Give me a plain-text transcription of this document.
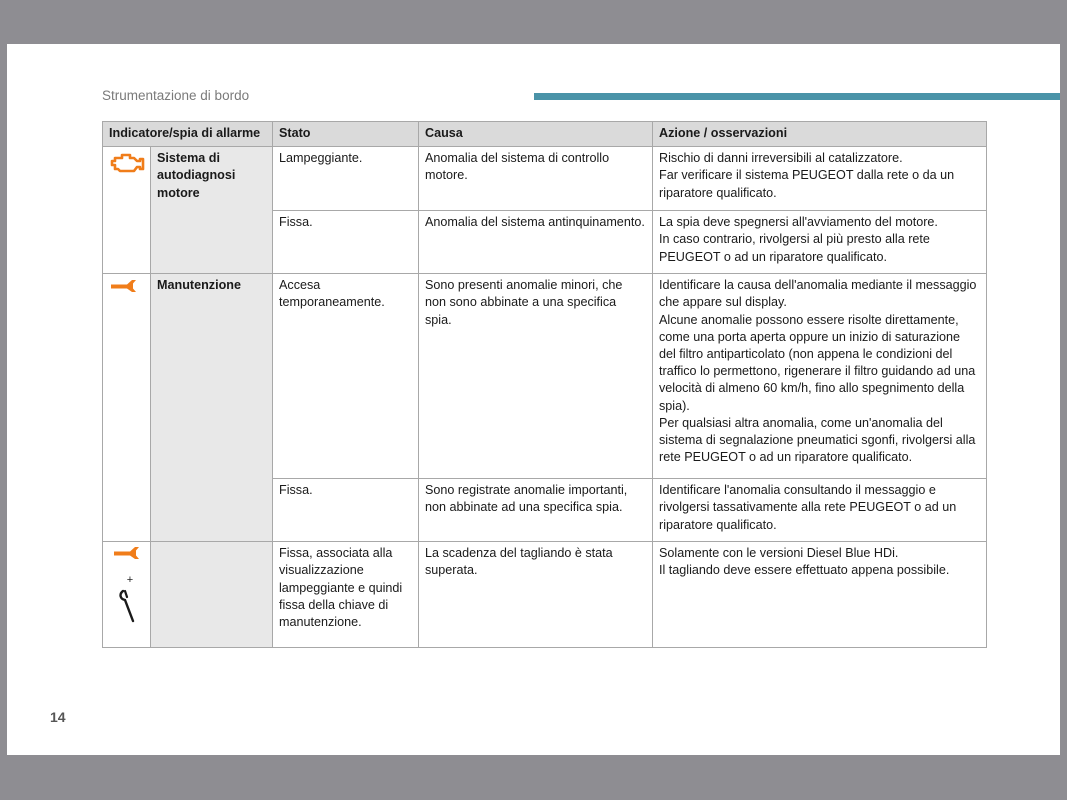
Strumentazione di bordo
Indicatore/spia di allarme		Stato	Causa	Azione / osservazioni
	Sistema di autodiagnosi motore	Lampeggiante.	Anomalia del sistema di controllo motore.	Rischio di danni irreversibili al catalizzatore.
Far verificare il sistema PEUGEOT dalla rete o da un riparatore qualificato.
		Fissa.	Anomalia del sistema antinquinamento.	La spia deve spegnersi all'avviamento del motore.
In caso contrario, rivolgersi al più presto alla rete PEUGEOT o ad un riparatore qualificato.
	Manutenzione	Accesa temporaneamente.	Sono presenti anomalie minori, che non sono abbinate a una specifica spia.	Identificare la causa dell'anomalia mediante il messaggio che appare sul display.
Alcune anomalie possono essere risolte direttamente, come una porta aperta oppure un inizio di saturazione del filtro antiparticolato (non appena le condizioni del traffico lo permettono, rigenerare il filtro guidando ad una velocità di almeno 60 km/h, fino allo spegnimento della spia).
Per qualsiasi altra anomalia, come un'anomalia del sistema di segnalazione pneumatici sgonfi, rivolgersi alla rete PEUGEOT o ad un riparatore qualificato.
		Fissa.	Sono registrate anomalie importanti, non abbinate ad una specifica spia.	Identificare l'anomalia consultando il messaggio e rivolgersi tassativamente alla rete PEUGEOT o ad un riparatore qualificato.

+		Fissa, associata alla visualizzazione lampeggiante e quindi fissa della chiave di manutenzione.	La scadenza del tagliando è stata superata.	Solamente con le versioni Diesel Blue HDi.
Il tagliando deve essere effettuato appena possibile.
14
